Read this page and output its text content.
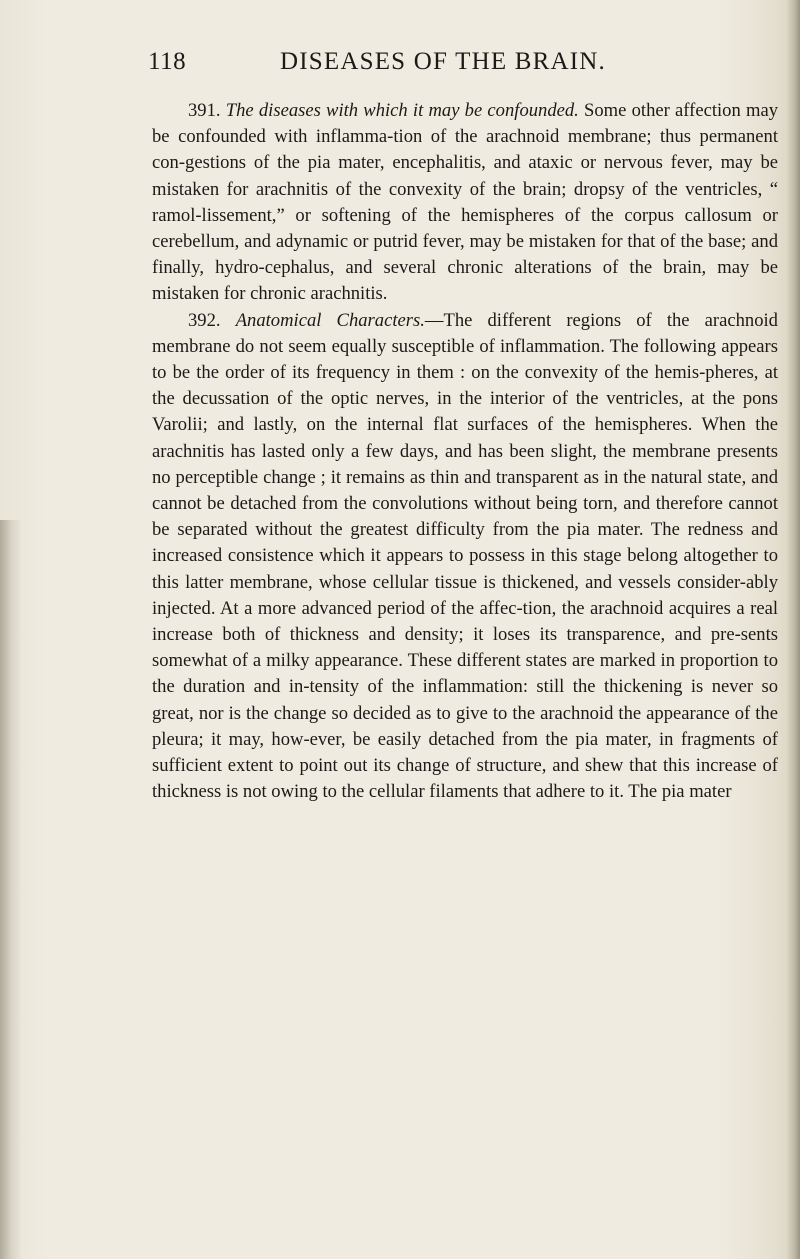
118	DISEASES OF THE BRAIN.

391. The diseases with which it may be confounded. Some other affection may be confounded with inflamma-tion of the arachnoid membrane; thus permanent con-gestions of the pia mater, encephalitis, and ataxic or nervous fever, may be mistaken for arachnitis of the convexity of the brain; dropsy of the ventricles, “ ramol-lissement,” or softening of the hemispheres of the corpus callosum or cerebellum, and adynamic or putrid fever, may be mistaken for that of the base; and finally, hydro-cephalus, and several chronic alterations of the brain, may be mistaken for chronic arachnitis.

392. Anatomical Characters.—The different regions of the arachnoid membrane do not seem equally susceptible of inflammation. The following appears to be the order of its frequency in them : on the convexity of the hemis-pheres, at the decussation of the optic nerves, in the interior of the ventricles, at the pons Varolii; and lastly, on the internal flat surfaces of the hemispheres. When the arachnitis has lasted only a few days, and has been slight, the membrane presents no perceptible change ; it remains as thin and transparent as in the natural state, and cannot be detached from the convolutions without being torn, and therefore cannot be separated without the greatest difficulty from the pia mater. The redness and increased consistence which it appears to possess in this stage belong altogether to this latter membrane, whose cellular tissue is thickened, and vessels consider-ably injected. At a more advanced period of the affec-tion, the arachnoid acquires a real increase both of thickness and density; it loses its transparence, and pre-sents somewhat of a milky appearance. These different states are marked in proportion to the duration and in-tensity of the inflammation: still the thickening is never so great, nor is the change so decided as to give to the arachnoid the appearance of the pleura; it may, how-ever, be easily detached from the pia mater, in fragments of sufficient extent to point out its change of structure, and shew that this increase of thickness is not owing to the cellular filaments that adhere to it. The pia mater
